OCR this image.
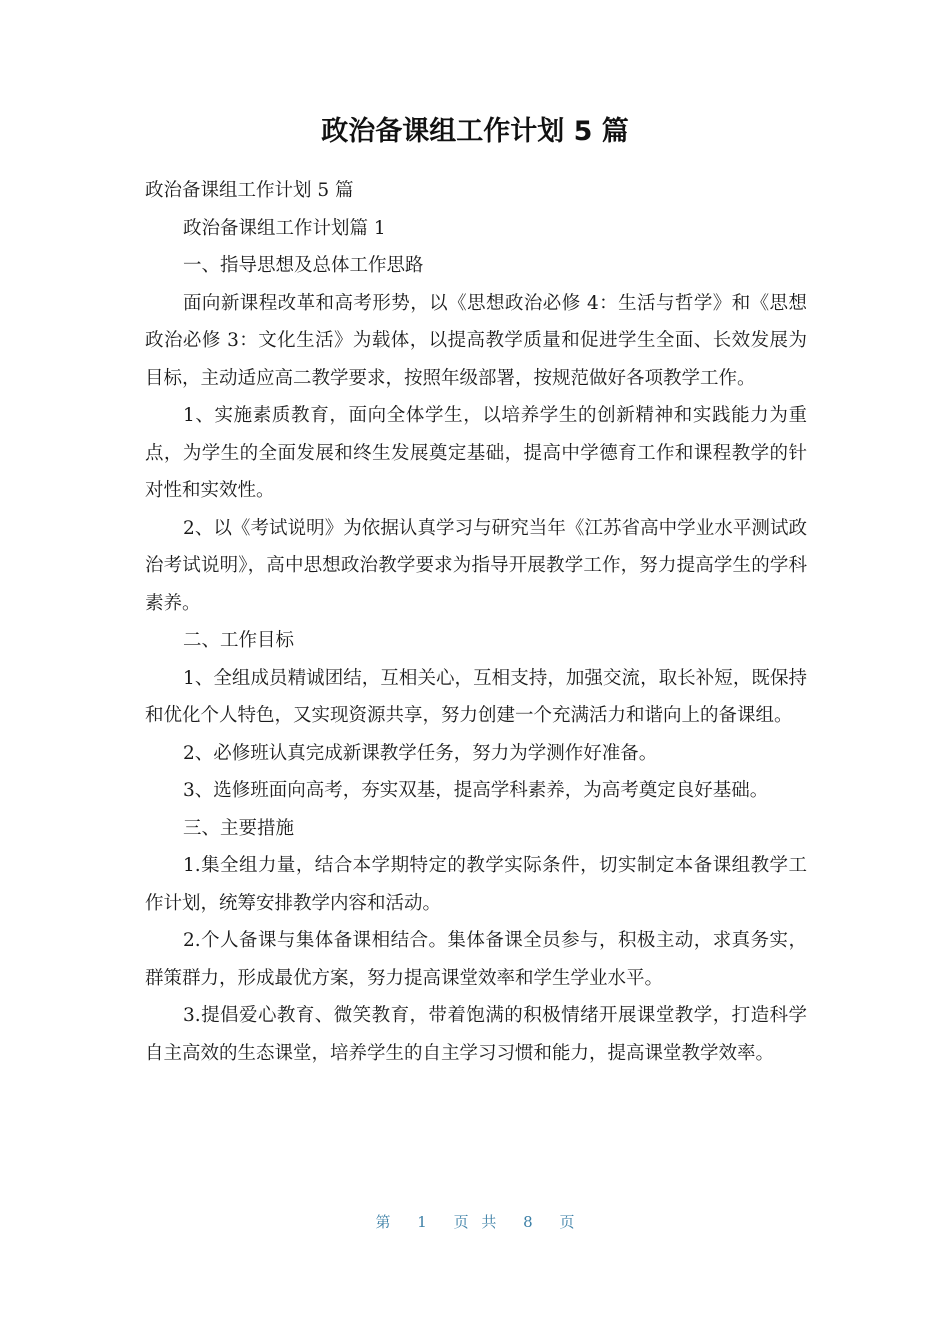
政治备课组工作计划 5 篇

政治备课组工作计划 5 篇

政治备课组工作计划篇 1

一、指导思想及总体工作思路

面向新课程改革和高考形势，以《思想政治必修 4：生活与哲学》和《思想政治必修 3：文化生活》为载体，以提高教学质量和促进学生全面、长效发展为目标，主动适应高二教学要求，按照年级部署，按规范做好各项教学工作。

1、实施素质教育，面向全体学生，以培养学生的创新精神和实践能力为重点，为学生的全面发展和终生发展奠定基础，提高中学德育工作和课程教学的针对性和实效性。

2、以《考试说明》为依据认真学习与研究当年《江苏省高中学业水平测试政治考试说明》，高中思想政治教学要求为指导开展教学工作，努力提高学生的学科素养。

二、工作目标

1、全组成员精诚团结，互相关心，互相支持，加强交流，取长补短，既保持和优化个人特色，又实现资源共享，努力创建一个充满活力和谐向上的备课组。

2、必修班认真完成新课教学任务，努力为学测作好准备。

3、选修班面向高考，夯实双基，提高学科素养，为高考奠定良好基础。

三、主要措施

1.集全组力量，结合本学期特定的教学实际条件，切实制定本备课组教学工作计划，统筹安排教学内容和活动。

2.个人备课与集体备课相结合。集体备课全员参与，积极主动，求真务实，群策群力，形成最优方案，努力提高课堂效率和学生学业水平。

3.提倡爱心教育、微笑教育，带着饱满的积极情绪开展课堂教学，打造科学自主高效的生态课堂，培养学生的自主学习习惯和能力，提高课堂教学效率。

第 1 页 共 8 页
